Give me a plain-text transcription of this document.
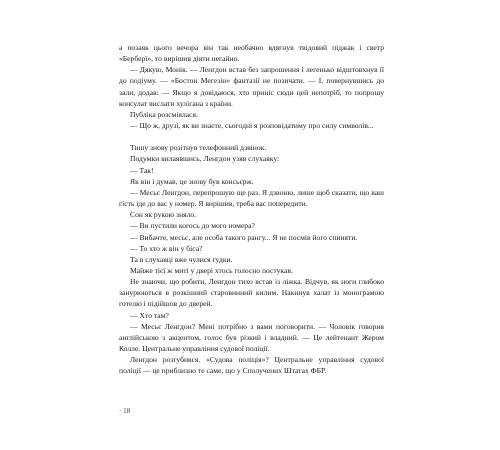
а позаяк цього вечора він так необачно вдягнув твідовий піджак і светр «Берберї», то вирішив діяти негайно.

— Дякую, Монік. — Ленгдон встав без запрошення і легенько відштовхнув її до подіуму. — «Бостон Мегезін» фантазії не позичати. — І, повернувшись до зали, додав: — Якщо я довідаюся, хто приніс сюди цей непотріб, то попрошу консулат вислати хулігана з країни.

Публіка розсміялася.

— Що ж, друзі, як ви знаєте, сьогодні я розповідатиму про силу символів...

Тишу знову розітнув телефонний дзвінок.

Подумки вилаявшись, Ленгдон узяв слухавку:

— Так!

Як він і думав, це знову був консьєрж.

— Месьє Ленгдон, перепрошую ще раз. Я дзвоню, лише щоб сказати, що ваш гість іде до вас у номер. Я вирішив, треба вас попередити.

Сон як рукою зняло.

— Ви пустили когось до мого номера?

— Вибачте, месьє, але особа такого рангу... Я не посмів його спиняти.

— То хто ж він у біса?

Та в слухавці вже чулися гудки.

Майже тієї ж миті у двері хтось голосно постукав.

Не знаючи, що робити, Ленгдон тихо встав із ліжка. Відчув, як ноги глибоко занурюються в розкішний старовинний килим. Накинув халат із монограмою готелю і підійшов до дверей.

— Хто там?

— Месьє Ленгдон? Мені потрібно з вами поговорити. — Чоловік говорив англійською з акцентом, голос був різкий і владний. — Це лейтенант Жером Колле. Центральне управління судової поліції.

Ленгдон розгубився. «Судова поліція»? Центральне управління судової поліції — це приблизно те саме, що у Сполучених Штатах ФБР.

· 18
